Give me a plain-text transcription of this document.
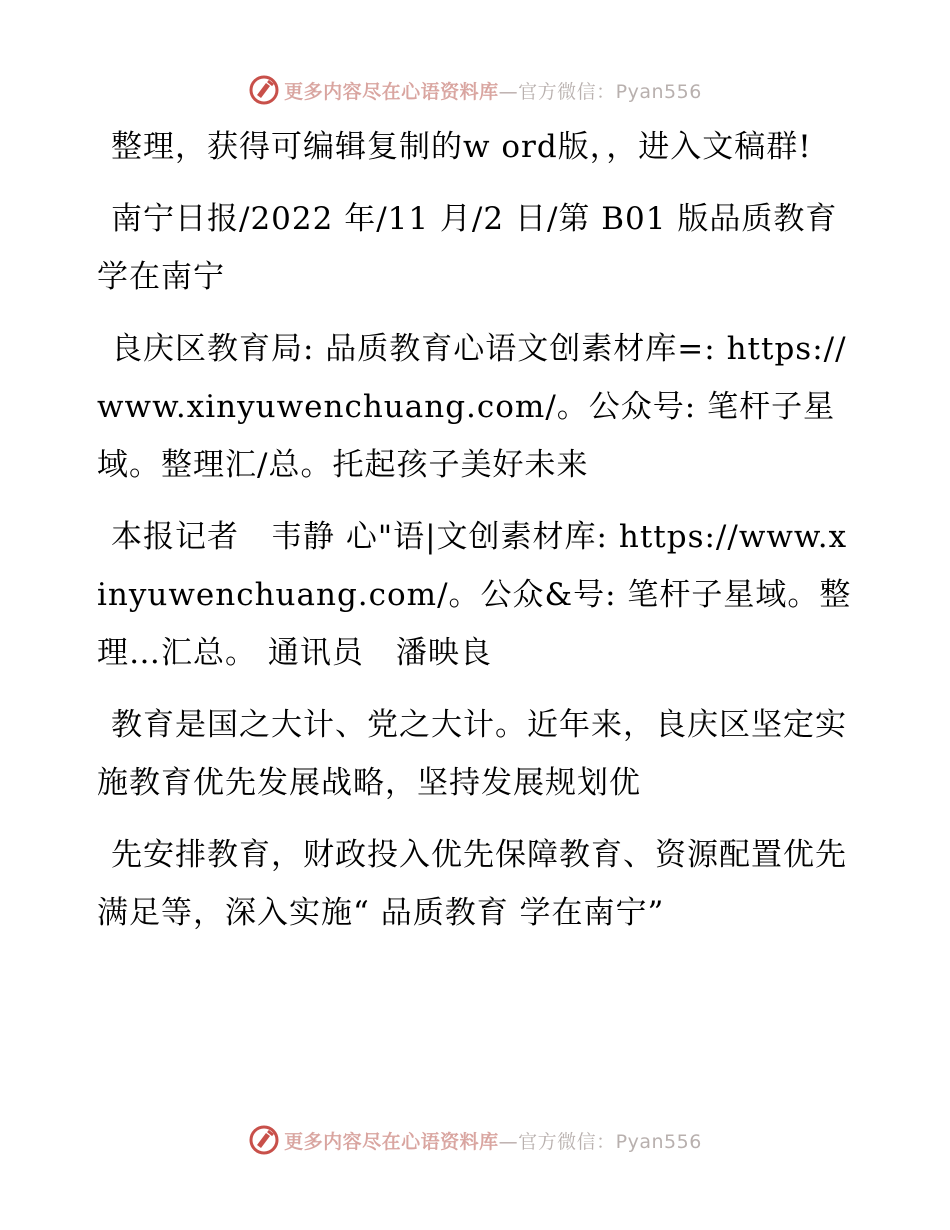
更多内容尽在心语资料库—官方微信：Pyan556

整理，获得可编辑复制的w ord版，，进入文稿群!

南宁日报/2022 年/11 月/2 日/第 B01 版品质教育 学在南宁

良庆区教育局: 品质教育心语文创素材库=: https://www.xinyuwenchuang.com/。公众号: 笔杆子星域。整理汇/总。托起孩子美好未来

本报记者　韦静 心"语|文创素材库: https://www.xinyuwenchuang.com/。公众&号: 笔杆子星域。整理…汇总。 通讯员　潘映良

教育是国之大计、党之大计。近年来，良庆区坚定实施教育优先发展战略，坚持发展规划优

先安排教育，财政投入优先保障教育、资源配置优先满足等，深入实施“ 品质教育 学在南宁”

更多内容尽在心语资料库—官方微信：Pyan556
